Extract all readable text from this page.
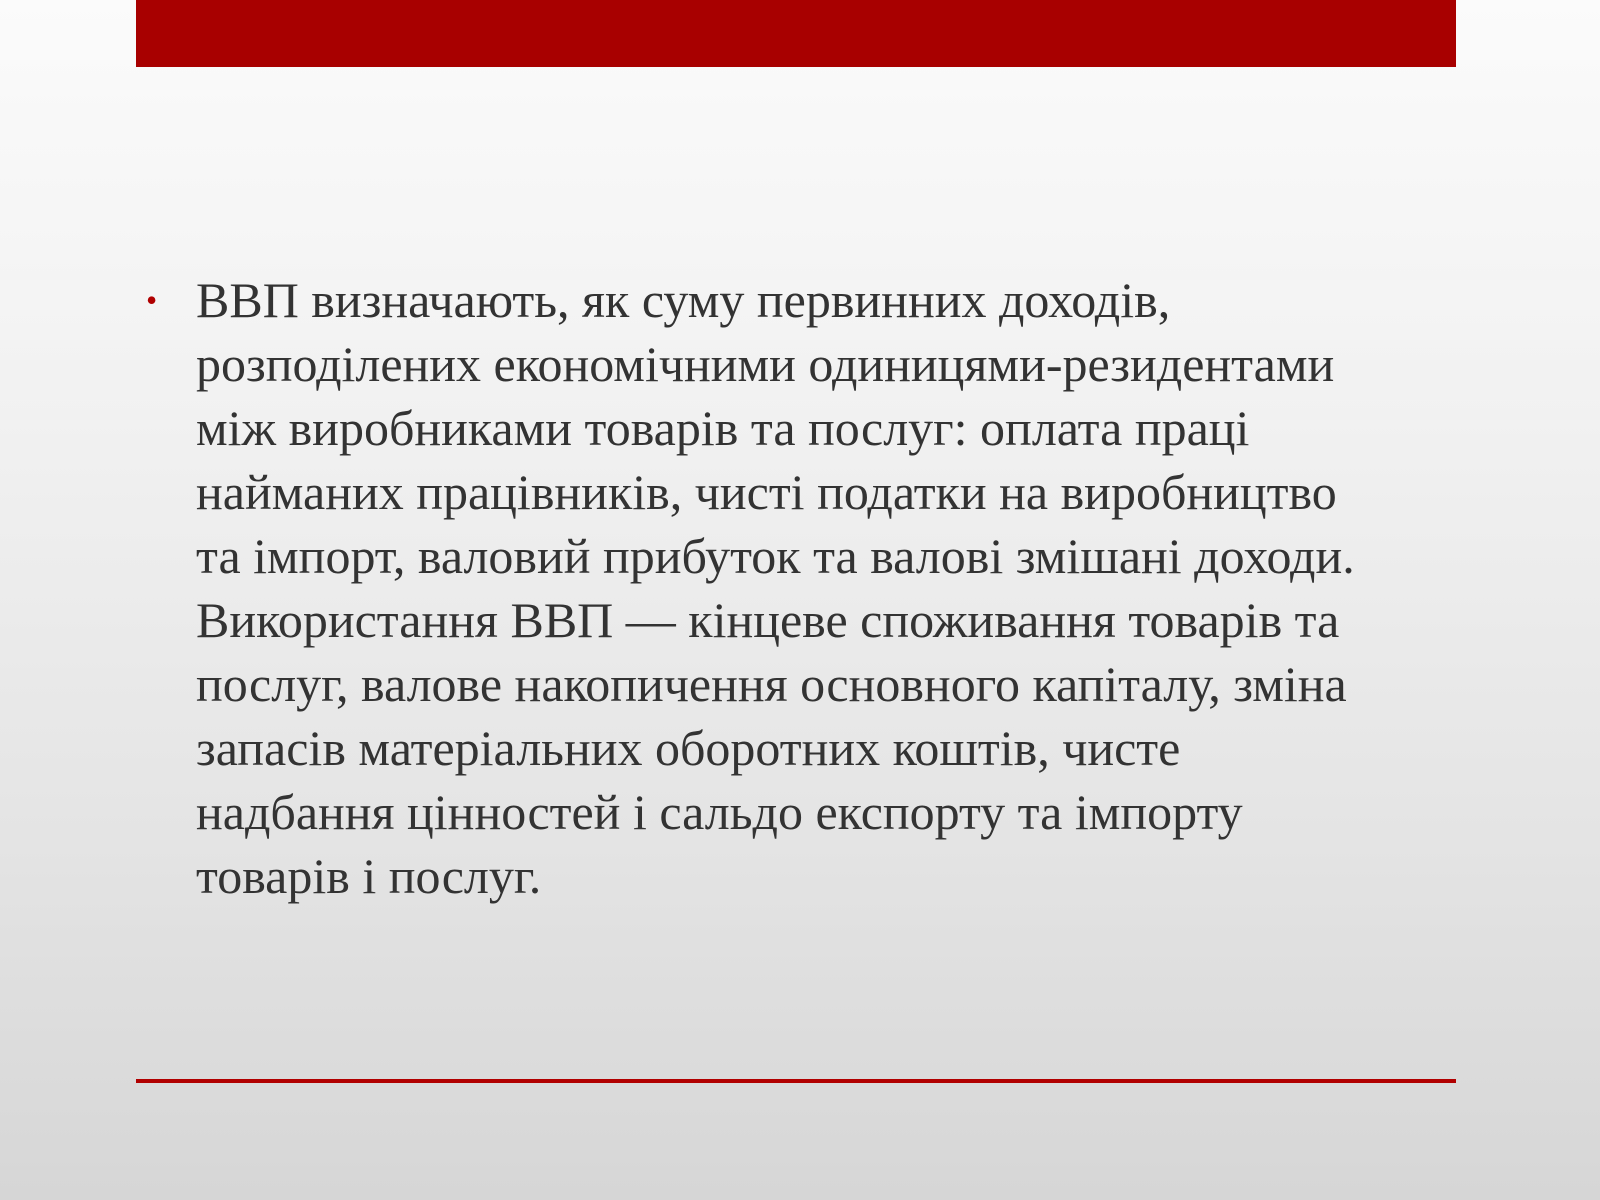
• ВВП визначають, як суму первинних доходів,
розподілених економічними одиницями-резидентами
між виробниками товарів та послуг: оплата праці
найманих працівників, чисті податки на виробництво
та імпорт, валовий прибуток та валові змішані доходи.
Використання ВВП — кінцеве споживання товарів та
послуг, валове накопичення основного капіталу, зміна
запасів матеріальних оборотних коштів, чисте
надбання цінностей і сальдо експорту та імпорту
товарів і послуг.
